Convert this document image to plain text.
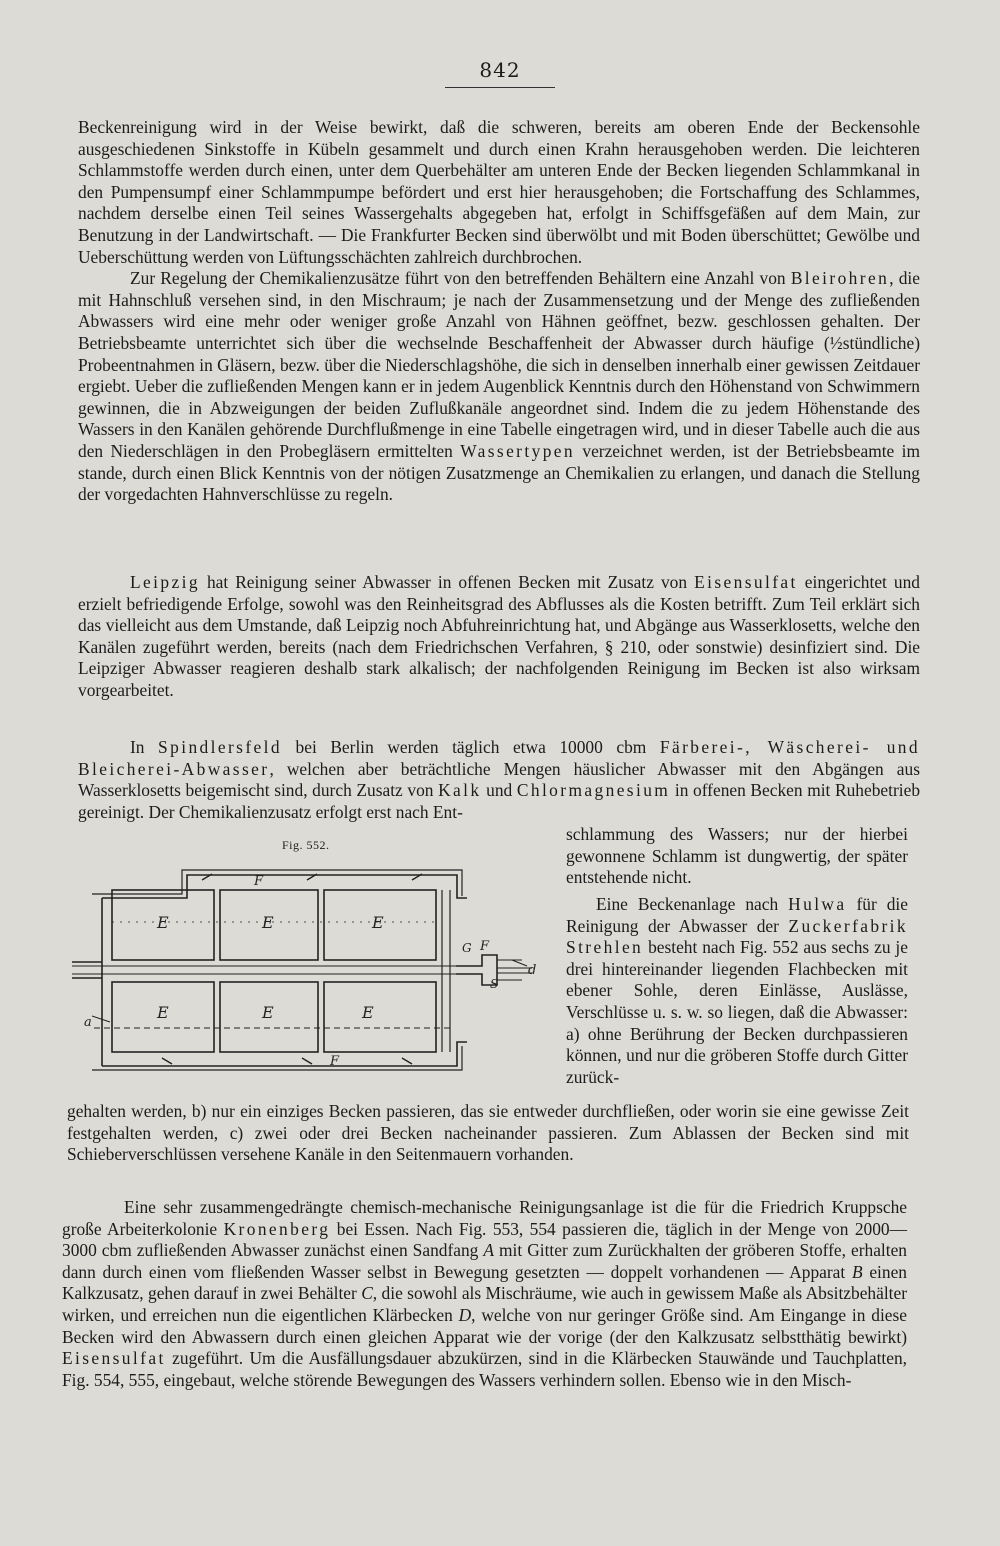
842

Beckenreinigung wird in der Weise bewirkt, daß die schweren, bereits am oberen Ende der Beckensohle ausgeschiedenen Sinkstoffe in Kübeln gesammelt und durch einen Krahn herausgehoben werden. Die leichteren Schlammstoffe werden durch einen, unter dem Querbehälter am unteren Ende der Becken liegenden Schlammkanal in den Pumpensumpf einer Schlammpumpe befördert und erst hier herausgehoben; die Fortschaffung des Schlammes, nachdem derselbe einen Teil seines Wassergehalts abgegeben hat, erfolgt in Schiffsgefäßen auf dem Main, zur Benutzung in der Landwirtschaft. — Die Frankfurter Becken sind überwölbt und mit Boden überschüttet; Gewölbe und Ueberschüttung werden von Lüftungsschächten zahlreich durchbrochen.

Zur Regelung der Chemikalienzusätze führt von den betreffenden Behältern eine Anzahl von Bleirohren, die mit Hahnschluß versehen sind, in den Mischraum; je nach der Zusammensetzung und der Menge des zufließenden Abwassers wird eine mehr oder weniger große Anzahl von Hähnen geöffnet, bezw. geschlossen gehalten. Der Betriebsbeamte unterrichtet sich über die wechselnde Beschaffenheit der Abwasser durch häufige (½stündliche) Probeentnahmen in Gläsern, bezw. über die Niederschlagshöhe, die sich in denselben innerhalb einer gewissen Zeitdauer ergiebt. Ueber die zufließenden Mengen kann er in jedem Augenblick Kenntnis durch den Höhenstand von Schwimmern gewinnen, die in Abzweigungen der beiden Zuflußkanäle angeordnet sind. Indem die zu jedem Höhenstande des Wassers in den Kanälen gehörende Durchflußmenge in eine Tabelle eingetragen wird, und in dieser Tabelle auch die aus den Niederschlägen in den Probegläsern ermittelten Wassertypen verzeichnet werden, ist der Betriebsbeamte im stande, durch einen Blick Kenntnis von der nötigen Zusatzmenge an Chemikalien zu erlangen, und danach die Stellung der vorgedachten Hahnverschlüsse zu regeln.

Leipzig hat Reinigung seiner Abwasser in offenen Becken mit Zusatz von Eisensulfat eingerichtet und erzielt befriedigende Erfolge, sowohl was den Reinheitsgrad des Abflusses als die Kosten betrifft. Zum Teil erklärt sich das vielleicht aus dem Umstande, daß Leipzig noch Abfuhreinrichtung hat, und Abgänge aus Wasserklosetts, welche den Kanälen zugeführt werden, bereits (nach dem Friedrichschen Verfahren, § 210, oder sonstwie) desinfiziert sind. Die Leipziger Abwasser reagieren deshalb stark alkalisch; der nachfolgenden Reinigung im Becken ist also wirksam vorgearbeitet.

In Spindlersfeld bei Berlin werden täglich etwa 10000 cbm Färberei-, Wäscherei- und Bleicherei-Abwasser, welchen aber beträchtliche Mengen häuslicher Abwasser mit den Abgängen aus Wasserklosetts beigemischt sind, durch Zusatz von Kalk und Chlormagnesium in offenen Becken mit Ruhebetrieb gereinigt. Der Chemikalienzusatz erfolgt erst nach Ent-

schlammung des Wassers; nur der hierbei gewonnene Schlamm ist dungwertig, der später entstehende nicht.
Eine Beckenanlage nach Hulwa für die Reinigung der Abwasser der Zuckerfabrik Strehlen besteht nach Fig. 552 aus sechs zu je drei hintereinander liegenden Flachbecken mit ebener Sohle, deren Einlässe, Auslässe, Verschlüsse u. s. w. so liegen, daß die Abwasser: a) ohne Berührung der Becken durchpassieren können, und nur die gröberen Stoffe durch Gitter zurück-
Fig. 552.
E	E	E
E	E	E
F
F
d
a
G F
S

gehalten werden, b) nur ein einziges Becken passieren, das sie entweder durchfließen, oder worin sie eine gewisse Zeit festgehalten werden, c) zwei oder drei Becken nacheinander passieren. Zum Ablassen der Becken sind mit Schieberverschlüssen versehene Kanäle in den Seitenmauern vorhanden.

Eine sehr zusammengedrängte chemisch-mechanische Reinigungsanlage ist die für die Friedrich Kruppsche große Arbeiterkolonie Kronenberg bei Essen. Nach Fig. 553, 554 passieren die, täglich in der Menge von 2000—3000 cbm zufließenden Abwasser zunächst einen Sandfang A mit Gitter zum Zurückhalten der gröberen Stoffe, erhalten dann durch einen vom fließenden Wasser selbst in Bewegung gesetzten — doppelt vorhandenen — Apparat B einen Kalkzusatz, gehen darauf in zwei Behälter C, die sowohl als Mischräume, wie auch in gewissem Maße als Absitzbehälter wirken, und erreichen nun die eigentlichen Klärbecken D, welche von nur geringer Größe sind. Am Eingange in diese Becken wird den Abwassern durch einen gleichen Apparat wie der vorige (der den Kalkzusatz selbstthätig bewirkt) Eisensulfat zugeführt. Um die Ausfällungsdauer abzukürzen, sind in die Klärbecken Stauwände und Tauchplatten, Fig. 554, 555, eingebaut, welche störende Bewegungen des Wassers verhindern sollen. Ebenso wie in den Misch-
